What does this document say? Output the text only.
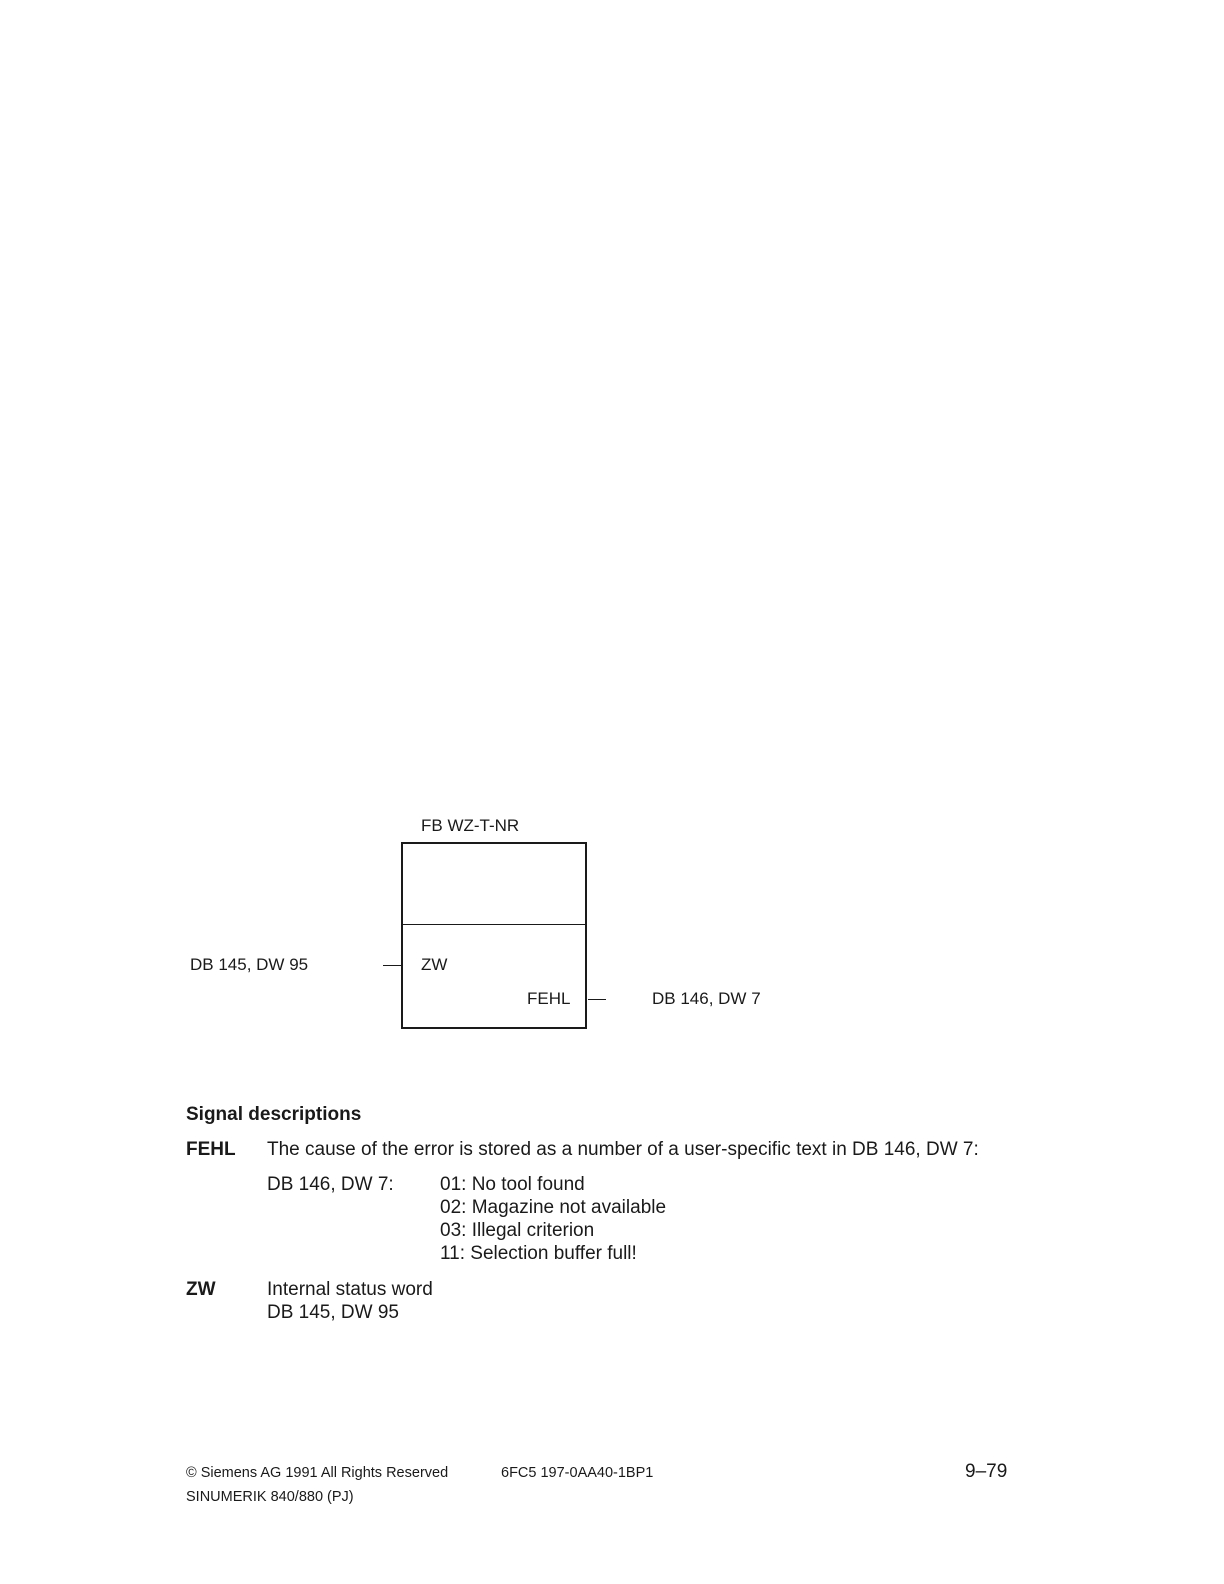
FB WZ-T-NR
DB 145, DW 95	ZW
FEHL	DB 146, DW 7
Signal descriptions
FEHL The cause of the error is stored as a number of a user-specific text in DB 146, DW 7:
DB 146, DW 7: 01: No tool found
02: Magazine not available
03: Illegal criterion
11: Selection buffer full!
ZW	Internal status word
DB 145, DW 95
© Siemens AG 1991 All Rights Reserved	6FC5 197-0AA40-1BP1	9–79
SINUMERIK 840/880 (PJ)
